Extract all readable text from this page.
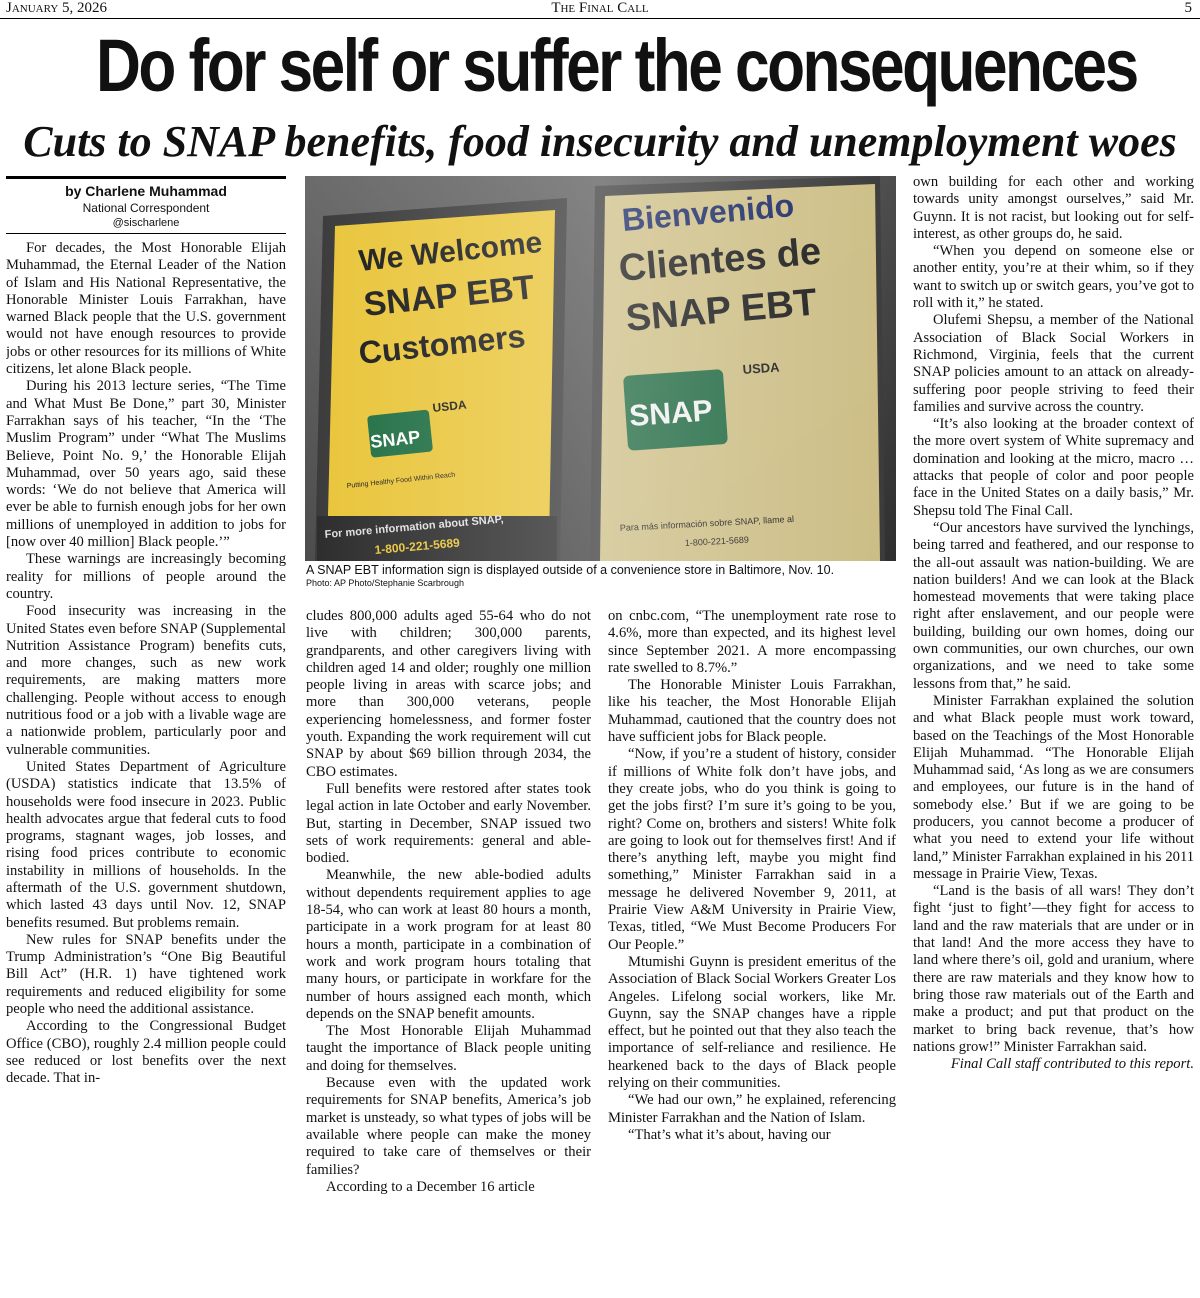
The Final Call
January 5, 2026	5
Do for self or suffer the consequences
Cuts to SNAP benefits, food insecurity and unemployment woes
by Charlene Muhammad
National Correspondent
@sischarlene
A SNAP EBT information sign is displayed outside of a convenience store in Baltimore, Nov. 10.
Photo: AP Photo/Stephanie Scarbrough

For decades, the Most Honorable Elijah Muhammad, the Eternal Leader of the Nation of Islam and His National Representative, the Honorable Minister Louis Farrakhan, have warned Black people that the U.S. government would not have enough resources to provide jobs or other resources for its millions of White citizens, let alone Black people.

During his 2013 lecture series, “The Time and What Must Be Done,” part 30, Minister Farrakhan says of his teacher, “In the ‘The Muslim Program” under “What The Muslims Believe, Point No. 9,’ the Honorable Elijah Muhammad, over 50 years ago, said these words: ‘We do not believe that America will ever be able to furnish enough jobs for her own millions of unemployed in addition to jobs for [now over 40 million] Black people.’”

These warnings are increasingly becoming reality for millions of people around the country.

Food insecurity was increasing in the United States even before SNAP (Supplemental Nutrition Assistance Program) benefits cuts, and more changes, such as new work requirements, are making matters more challenging. People without access to enough nutritious food or a job with a livable wage are a nationwide problem, particularly poor and vulnerable communities.

United States Department of Agriculture (USDA) statistics indicate that 13.5% of households were food insecure in 2023. Public health advocates argue that federal cuts to food programs, stagnant wages, job losses, and rising food prices contribute to economic instability in millions of households. In the aftermath of the U.S. government shutdown, which lasted 43 days until Nov. 12, SNAP benefits resumed. But problems remain.

New rules for SNAP benefits under the Trump Administration’s “One Big Beautiful Bill Act” (H.R. 1) have tightened work requirements and reduced eligibility for some people who need the additional assistance.

According to the Congressional Budget Office (CBO), roughly 2.4 million people could see reduced or lost benefits over the next decade. That in-

cludes 800,000 adults aged 55-64 who do not live with children; 300,000 parents, grandparents, and other caregivers living with children aged 14 and older; roughly one million people living in areas with scarce jobs; and more than 300,000 veterans, people experiencing homelessness, and former foster youth. Expanding the work requirement will cut SNAP by about $69 billion through 2034, the CBO estimates.

Full benefits were restored after states took legal action in late October and early November. But, starting in December, SNAP issued two sets of work requirements: general and able-bodied.

Meanwhile, the new able-bodied adults without dependents requirement applies to age 18-54, who can work at least 80 hours a month, participate in a work program for at least 80 hours a month, participate in a combination of work and work program hours totaling that many hours, or participate in workfare for the number of hours assigned each month, which depends on the SNAP benefit amounts.

The Most Honorable Elijah Muhammad taught the importance of Black people uniting and doing for themselves.

Because even with the updated work requirements for SNAP benefits, America’s job market is unsteady, so what types of jobs will be available where people can make the money required to take care of themselves or their families?

According to a December 16 article

on cnbc.com, “The unemployment rate rose to 4.6%, more than expected, and its highest level since September 2021. A more encompassing rate swelled to 8.7%.”

The Honorable Minister Louis Farrakhan, like his teacher, the Most Honorable Elijah Muhammad, cautioned that the country does not have sufficient jobs for Black people.

“Now, if you’re a student of history, consider if millions of White folk don’t have jobs, and they create jobs, who do you think is going to get the jobs first? I’m sure it’s going to be you, right? Come on, brothers and sisters! White folk are going to look out for themselves first! And if there’s anything left, maybe you might find something,” Minister Farrakhan said in a message he delivered November 9, 2011, at Prairie View A&M University in Prairie View, Texas, titled, “We Must Become Producers For Our People.”

Mtumishi Guynn is president emeritus of the Association of Black Social Workers Greater Los Angeles. Lifelong social workers, like Mr. Guynn, say the SNAP changes have a ripple effect, but he pointed out that they also teach the importance of self-reliance and resilience. He hearkened back to the days of Black people relying on their communities.

“We had our own,” he explained, referencing Minister Farrakhan and the Nation of Islam.

“That’s what it’s about, having our

own building for each other and working towards unity amongst ourselves,” said Mr. Guynn. It is not racist, but looking out for self-interest, as other groups do, he said.

“When you depend on someone else or another entity, you’re at their whim, so if they want to switch up or switch gears, you’ve got to roll with it,” he stated.

Olufemi Shepsu, a member of the National Association of Black Social Workers in Richmond, Virginia, feels that the current SNAP policies amount to an attack on already-suffering poor people striving to feed their families and survive across the country.

“It’s also looking at the broader context of the more overt system of White supremacy and domination and looking at the micro, macro … attacks that people of color and poor people face in the United States on a daily basis,” Mr. Shepsu told The Final Call.

“Our ancestors have survived the lynchings, being tarred and feathered, and our response to the all-out assault was nation-building. We are nation builders! And we can look at the Black homestead movements that were taking place right after enslavement, and our people were building, building our own homes, doing our own communities, our own churches, our own organizations, and we need to take some lessons from that,” he said.

Minister Farrakhan explained the solution and what Black people must work toward, based on the Teachings of the Most Honorable Elijah Muhammad. “The Honorable Elijah Muhammad said, ‘As long as we are consumers and employees, our future is in the hand of somebody else.’ But if we are going to be producers, you cannot become a producer of what you need to extend your life without land,” Minister Farrakhan explained in his 2011 message in Prairie View, Texas.

“Land is the basis of all wars! They don’t fight ‘just to fight’—they fight for access to land and the raw materials that are under or in that land! And the more access they have to land where there’s oil, gold and uranium, where there are raw materials and they know how to bring those raw materials out of the Earth and make a product; and put that product on the market to bring back revenue, that’s how nations grow!” Minister Farrakhan said.

Final Call staff contributed to this report.
